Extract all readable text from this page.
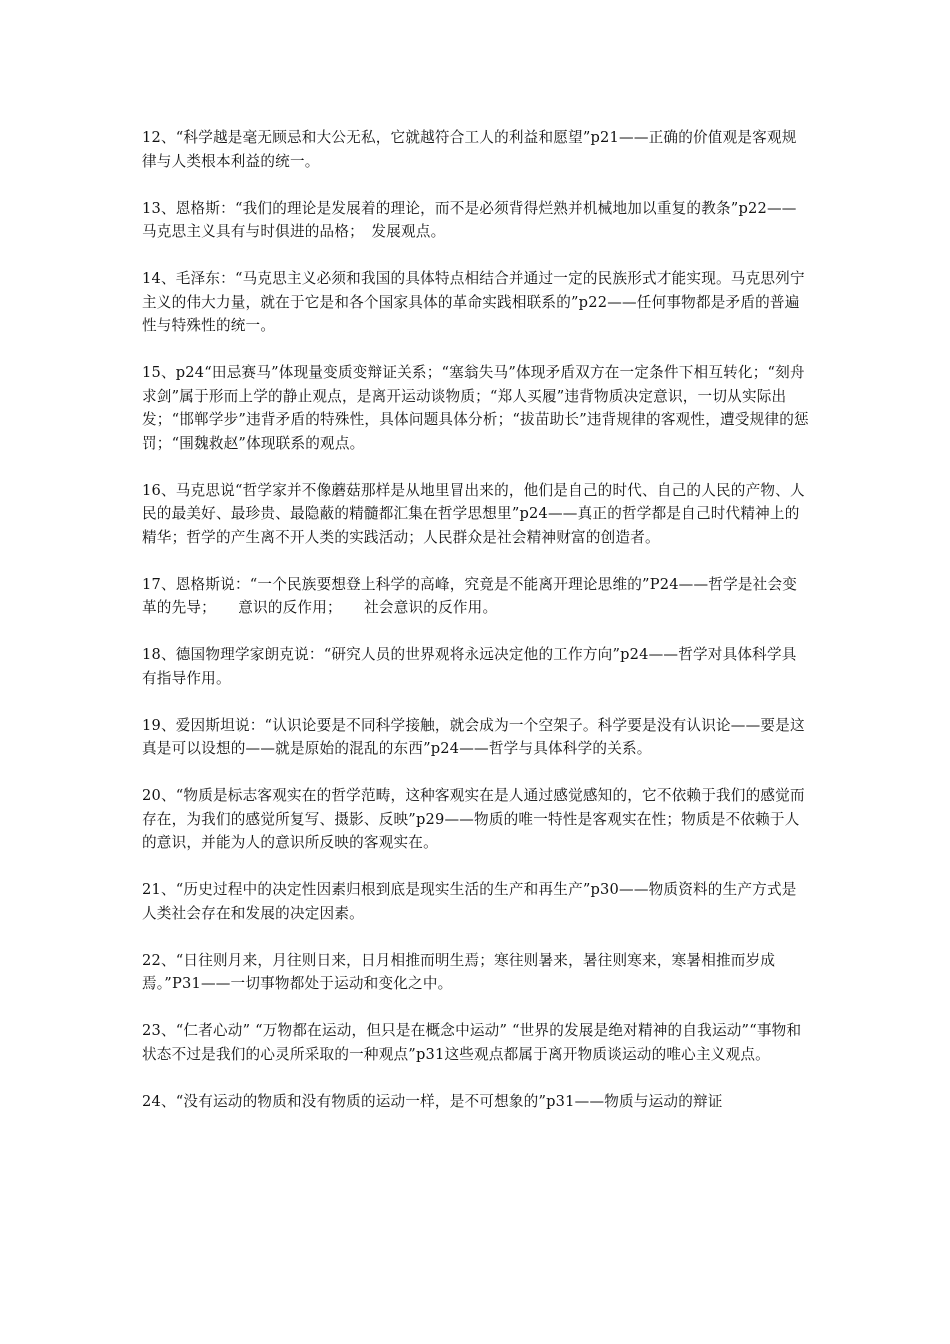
12、“科学越是毫无顾忌和大公无私，它就越符合工人的利益和愿望”p21——正确的价值观是客观规律与人类根本利益的统一。

13、恩格斯：“我们的理论是发展着的理论，而不是必须背得烂熟并机械地加以重复的教条”p22——马克思主义具有与时俱进的品格；　发展观点。

14、毛泽东：“马克思主义必须和我国的具体特点相结合并通过一定的民族形式才能实现。马克思列宁主义的伟大力量，就在于它是和各个国家具体的革命实践相联系的”p22——任何事物都是矛盾的普遍性与特殊性的统一。

15、p24“田忌赛马”体现量变质变辩证关系；“塞翁失马”体现矛盾双方在一定条件下相互转化；“刻舟求剑”属于形而上学的静止观点，是离开运动谈物质；“郑人买履”违背物质决定意识，一切从实际出发；“邯郸学步”违背矛盾的特殊性，具体问题具体分析；“拔苗助长”违背规律的客观性，遭受规律的惩罚；“围魏救赵”体现联系的观点。

16、马克思说“哲学家并不像蘑菇那样是从地里冒出来的，他们是自己的时代、自己的人民的产物、人民的最美好、最珍贵、最隐蔽的精髓都汇集在哲学思想里”p24——真正的哲学都是自己时代精神上的精华；哲学的产生离不开人类的实践活动；人民群众是社会精神财富的创造者。

17、恩格斯说：“一个民族要想登上科学的高峰，究竟是不能离开理论思维的”P24——哲学是社会变革的先导；　　意识的反作用；　　社会意识的反作用。

18、德国物理学家朗克说：“研究人员的世界观将永远决定他的工作方向”p24——哲学对具体科学具有指导作用。

19、爱因斯坦说：“认识论要是不同科学接触，就会成为一个空架子。科学要是没有认识论——要是这真是可以设想的——就是原始的混乱的东西”p24——哲学与具体科学的关系。

20、“物质是标志客观实在的哲学范畴，这种客观实在是人通过感觉感知的，它不依赖于我们的感觉而存在，为我们的感觉所复写、摄影、反映”p29——物质的唯一特性是客观实在性；物质是不依赖于人的意识，并能为人的意识所反映的客观实在。

21、“历史过程中的决定性因素归根到底是现实生活的生产和再生产”p30——物质资料的生产方式是人类社会存在和发展的决定因素。

22、“日往则月来，月往则日来，日月相推而明生焉；寒往则暑来，暑往则寒来，寒暑相推而岁成焉。”P31——一切事物都处于运动和变化之中。

23、“仁者心动” “万物都在运动，但只是在概念中运动” “世界的发展是绝对精神的自我运动”“事物和状态不过是我们的心灵所采取的一种观点”p31这些观点都属于离开物质谈运动的唯心主义观点。

24、“没有运动的物质和没有物质的运动一样，是不可想象的”p31——物质与运动的辩证
